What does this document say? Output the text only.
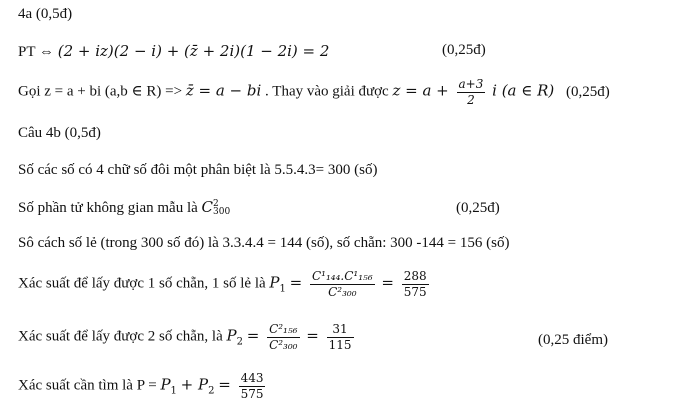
4a (0,5đ)
PT ⇔ (2 + iz)(2 − i) + (z̄ + 2i)(1 − 2i) = 2	(0,25đ)
Gọi z = a + bi (a,b ∈ R) => z̄ = a − bi . Thay vào giải được $z = a + \frac{a+3}{2}$ i (a ∈ R) (0,25đ)
Câu 4b (0,5đ)
Số các số có 4 chữ số đôi một phân biệt là 5.5.4.3= 300 (số)
Số phần tử không gian mẫu là C 2
300	(0,25đ)
Sô cách số lẻ (trong 300 số đó) là 3.3.4.4 = 144 (số), số chẵn: 300 -144 = 156 (số)
Xác suất để lấy được 1 số chẵn, 1 số lẻ là $P_1 = \frac{\text{C¹₁₄₄.C¹₁₅₆}}{\text{C²₃₀₀}} = \frac{288}{575}$
Xác suất để lấy được 2 số chẵn, là $P_2 = \frac{\text{C²₁₅₆}}{\text{C²₃₀₀}} = \frac{31}{115}$	(0,25 điểm)
Xác suất cần tìm là $P = P_1 + P_2 = \frac{443}{575}$
